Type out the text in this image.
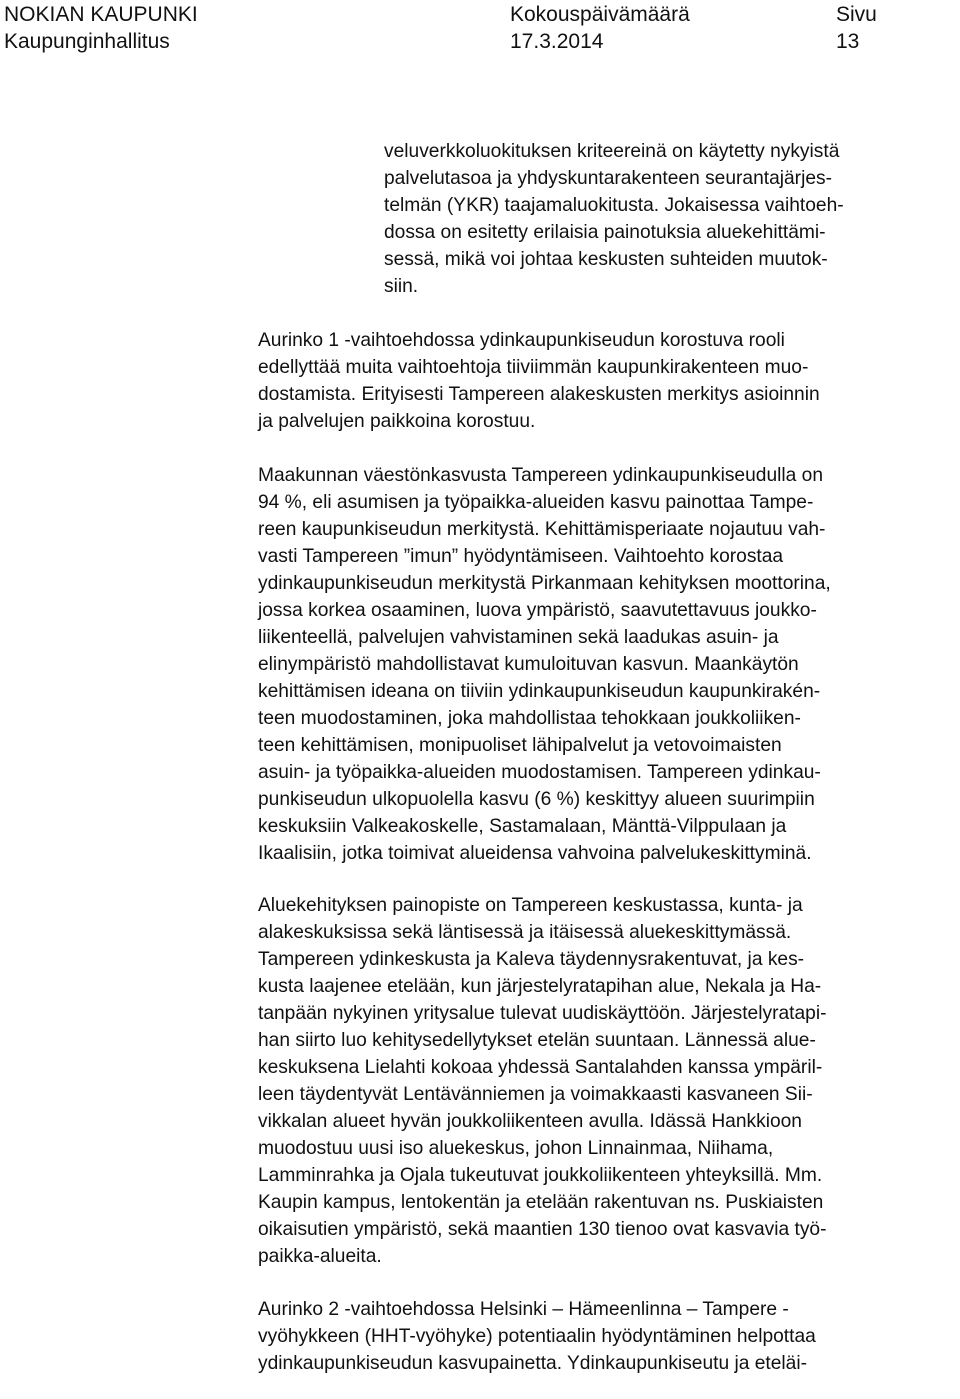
NOKIAN KAUPUNKI
Kaupunginhallitus
Kokouspäivämäärä
17.3.2014
Sivu
13
veluverkkoluokituksen kriteereinä on käytetty nykyistä
palvelutasoa ja yhdyskuntarakenteen seurantajärjes-
telmän (YKR) taajamaluokitusta. Jokaisessa vaihtoeh-
dossa on esitetty erilaisia painotuksia aluekehittämi-
sessä, mikä voi johtaa keskusten suhteiden muutok-
siin.
Aurinko 1 -vaihtoehdossa ydinkaupunkiseudun korostuva rooli
edellyttää muita vaihtoehtoja tiiviimmän kaupunkirakenteen muo-
dostamista. Erityisesti Tampereen alakeskusten merkitys asioinnin
ja palvelujen paikkoina korostuu.
Maakunnan väestönkasvusta Tampereen ydinkaupunkiseudulla on
94 %, eli asumisen ja työpaikka-alueiden kasvu painottaa Tampe-
reen kaupunkiseudun merkitystä. Kehittämisperiaate nojautuu vah-
vasti Tampereen ”imun” hyödyntämiseen. Vaihtoehto korostaa
ydinkaupunkiseudun merkitystä Pirkanmaan kehityksen moottorina,
jossa korkea osaaminen, luova ympäristö, saavutettavuus joukko-
liikenteellä, palvelujen vahvistaminen sekä laadukas asuin- ja
elinympäristö mahdollistavat kumuloituvan kasvun. Maankäytön
kehittämisen ideana on tiiviin ydinkaupunkiseudun kaupunkirakén-
teen muodostaminen, joka mahdollistaa tehokkaan joukkoliiken-
teen kehittämisen, monipuoliset lähipalvelut ja vetovoimaisten
asuin- ja työpaikka-alueiden muodostamisen. Tampereen ydinkau-
punkiseudun ulkopuolella kasvu (6 %) keskittyy alueen suurimpiin
keskuksiin Valkeakoskelle, Sastamalaan, Mänttä-Vilppulaan ja
Ikaalisiin, jotka toimivat alueidensa vahvoina palvelukeskittyminä.
Aluekehityksen painopiste on Tampereen keskustassa, kunta- ja
alakeskuksissa sekä läntisessä ja itäisessä aluekeskittymässä.
Tampereen ydinkeskusta ja Kaleva täydennysrakentuvat, ja kes-
kusta laajenee etelään, kun järjestelyratapihan alue, Nekala ja Ha-
tanpään nykyinen yritysalue tulevat uudiskäyttöön. Järjestelyratapi-
han siirto luo kehitysedellytykset etelän suuntaan. Lännessä alue-
keskuksena Lielahti kokoaa yhdessä Santalahden kanssa ympäril-
leen täydentyvät Lentävänniemen ja voimakkaasti kasvaneen Sii-
vikkalan alueet hyvän joukkoliikenteen avulla. Idässä Hankkioon
muodostuu uusi iso aluekeskus, johon Linnainmaa, Niihama,
Lamminrahka ja Ojala tukeutuvat joukkoliikenteen yhteyksillä. Mm.
Kaupin kampus, lentokentän ja etelään rakentuvan ns. Puskiaisten
oikaisutien ympäristö, sekä maantien 130 tienoo ovat kasvavia työ-
paikka-alueita.
Aurinko 2 -vaihtoehdossa Helsinki – Hämeenlinna – Tampere -
vyöhykkeen (HHT-vyöhyke) potentiaalin hyödyntäminen helpottaa
ydinkaupunkiseudun kasvupainetta. Ydinkaupunkiseutu ja eteläi-
